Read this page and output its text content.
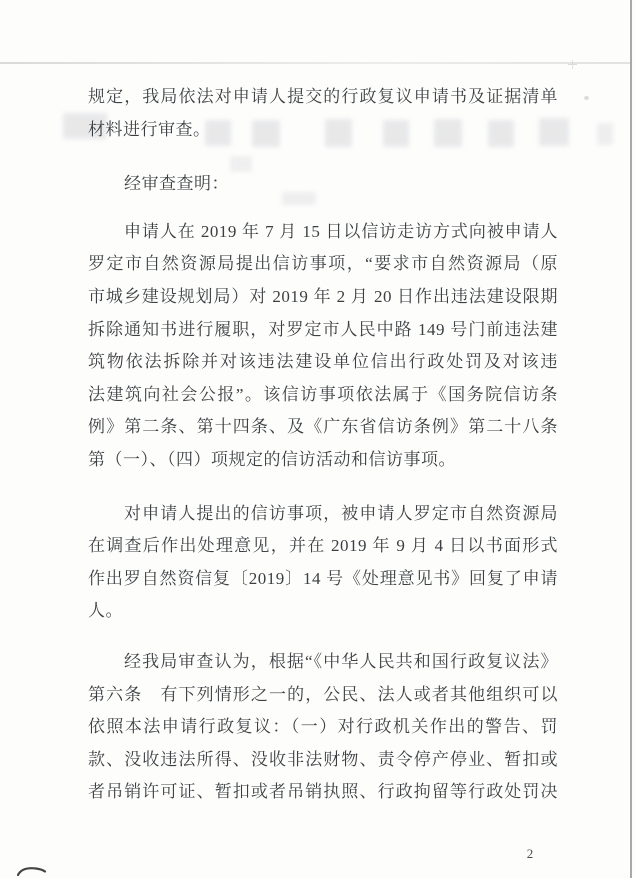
规定，我局依法对申请人提交的行政复议申请书及证据清单
材料进行审查。
经审查查明：
申请人在 2019 年 7 月 15 日以信访走访方式向被申请人
罗定市自然资源局提出信访事项，“要求市自然资源局（原
市城乡建设规划局）对 2019 年 2 月 20 日作出违法建设限期
拆除通知书进行履职，对罗定市人民中路 149 号门前违法建
筑物依法拆除并对该违法建设单位信出行政处罚及对该违
法建筑向社会公报”。该信访事项依法属于《国务院信访条
例》第二条、第十四条、及《广东省信访条例》第二十八条
第（一）、（四）项规定的信访活动和信访事项。
对申请人提出的信访事项，被申请人罗定市自然资源局
在调查后作出处理意见，并在 2019 年 9 月 4 日以书面形式
作出罗自然资信复〔2019〕14 号《处理意见书》回复了申请
人。
经我局审查认为，根据“《中华人民共和国行政复议法》
第六条　有下列情形之一的，公民、法人或者其他组织可以
依照本法申请行政复议：（一）对行政机关作出的警告、罚
款、没收违法所得、没收非法财物、责令停产停业、暂扣或
者吊销许可证、暂扣或者吊销执照、行政拘留等行政处罚决
2
